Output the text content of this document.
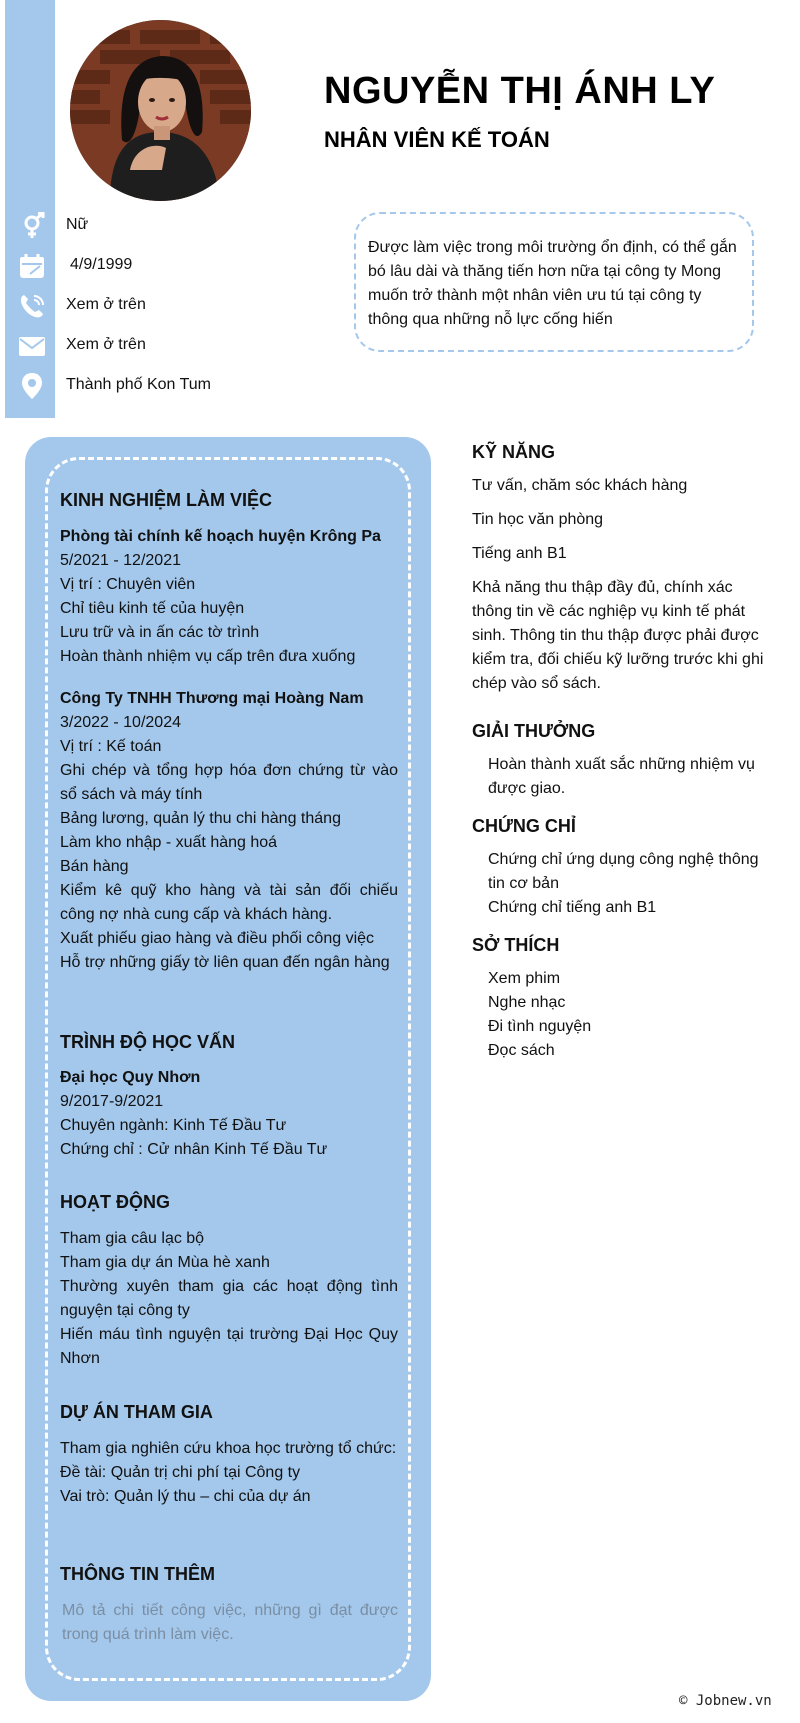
NGUYỄN THỊ ÁNH LY
NHÂN VIÊN KẾ TOÁN
Nữ
4/9/1999
Xem ở trên
Xem ở trên
Thành phố Kon Tum
Được làm việc trong môi trường ổn định, có thể gắn bó lâu dài và thăng tiến hơn nữa tại công ty Mong muốn trở thành một nhân viên ưu tú tại công ty thông qua những nỗ lực cống hiến
KINH NGHIỆM LÀM VIỆC
Phòng tài chính kế hoạch huyện Krông Pa
5/2021 - 12/2021
Vị trí : Chuyên viên
Chỉ tiêu kinh tế của huyện
Lưu trữ và in ấn các tờ trình
Hoàn thành nhiệm vụ cấp trên đưa xuống
Công Ty TNHH Thương mại Hoàng Nam
3/2022 - 10/2024
Vị trí : Kế toán
Ghi chép và tổng hợp hóa đơn chứng từ vào sổ sách và máy tính
Bảng lương, quản lý thu chi hàng tháng
Làm kho nhập - xuất hàng hoá
Bán hàng
Kiểm kê quỹ kho hàng và tài sản đối chiếu công nợ nhà cung cấp và khách hàng.
Xuất phiếu giao hàng và điều phối công việc
Hỗ trợ những giấy tờ liên quan đến ngân hàng
TRÌNH ĐỘ HỌC VẤN
Đại học Quy Nhơn
9/2017-9/2021
Chuyên ngành: Kinh Tế Đầu Tư
Chứng chỉ : Cử nhân Kinh Tế Đầu Tư
HOẠT ĐỘNG
Tham gia câu lạc bộ
Tham gia dự án Mùa hè xanh
Thường xuyên tham gia các hoạt động tình nguyện tại công ty
Hiến máu tình nguyện tại trường Đại Học Quy Nhơn
DỰ ÁN THAM GIA
Tham gia nghiên cứu khoa học trường tổ chức:
Đề tài: Quản trị chi phí tại Công ty
Vai trò: Quản lý thu – chi của dự án
THÔNG TIN THÊM
Mô tả chi tiết công việc, những gì đạt được trong quá trình làm việc.
KỸ NĂNG
Tư vấn, chăm sóc khách hàng
Tin học văn phòng
Tiếng anh B1
Khả năng thu thập đầy đủ, chính xác thông tin về các nghiệp vụ kinh tế phát sinh. Thông tin thu thập được phải được kiểm tra, đối chiếu kỹ lưỡng trước khi ghi chép vào sổ sách.
GIẢI THƯỞNG
Hoàn thành xuất sắc những nhiệm vụ được giao.
CHỨNG CHỈ
Chứng chỉ ứng dụng công nghệ thông tin cơ bản
Chứng chỉ tiếng anh B1
SỞ THÍCH
Xem phim
Nghe nhạc
Đi tình nguyện
Đọc sách
© Jobnew.vn
